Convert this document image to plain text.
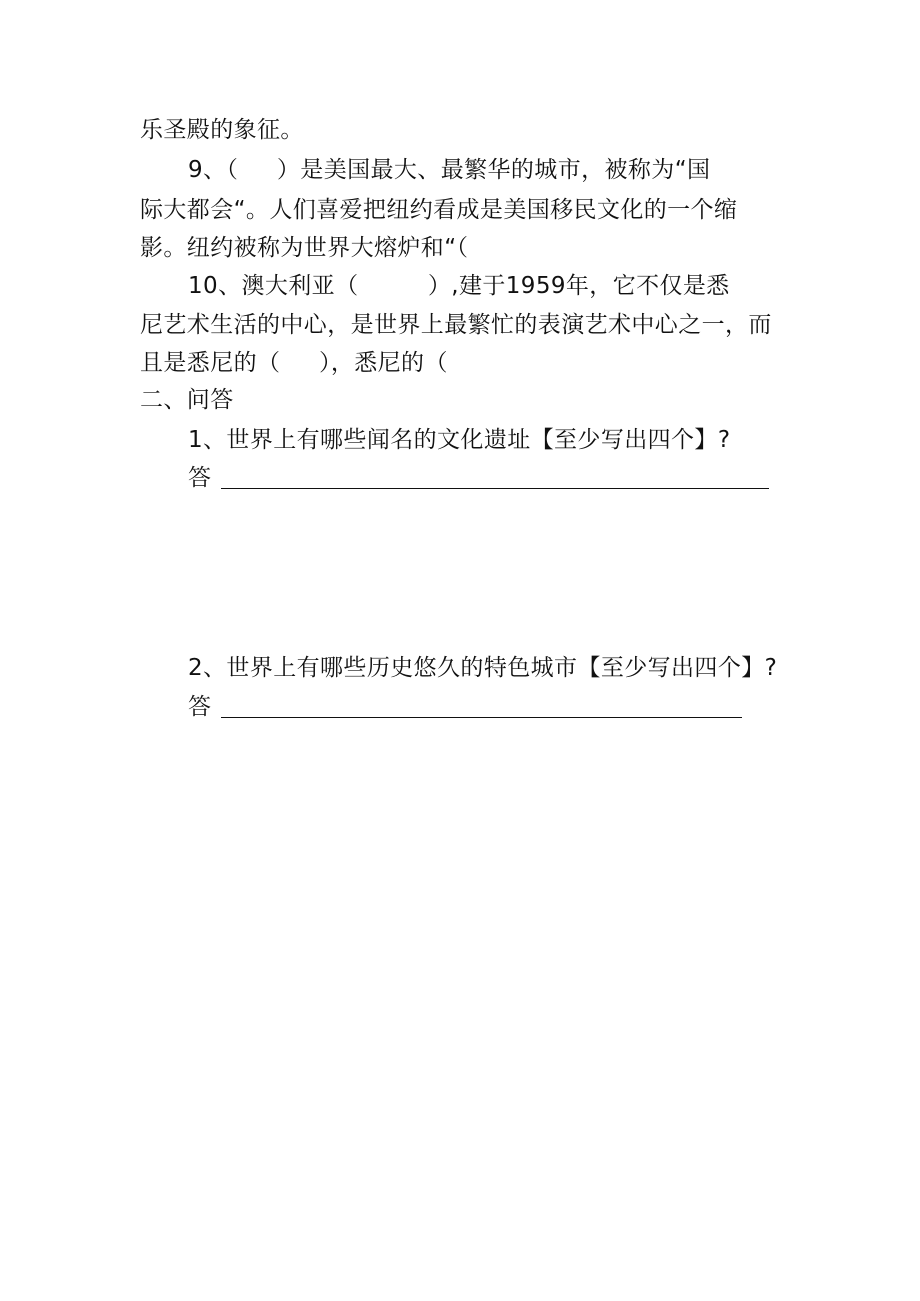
乐圣殿的象征。
9、（     ）是美国最大、最繁华的城市，被称为“国
际大都会“。人们喜爱把纽约看成是美国移民文化的一个缩
影。纽约被称为世界大熔炉和“（
10、澳大利亚（         ）,建于1959年，它不仅是悉
尼艺术生活的中心，是世界上最繁忙的表演艺术中心之一，而
且是悉尼的（     ），悉尼的（
二、问答
1、世界上有哪些闻名的文化遗址【至少写出四个】?
答
2、世界上有哪些历史悠久的特色城市【至少写出四个】?
答
